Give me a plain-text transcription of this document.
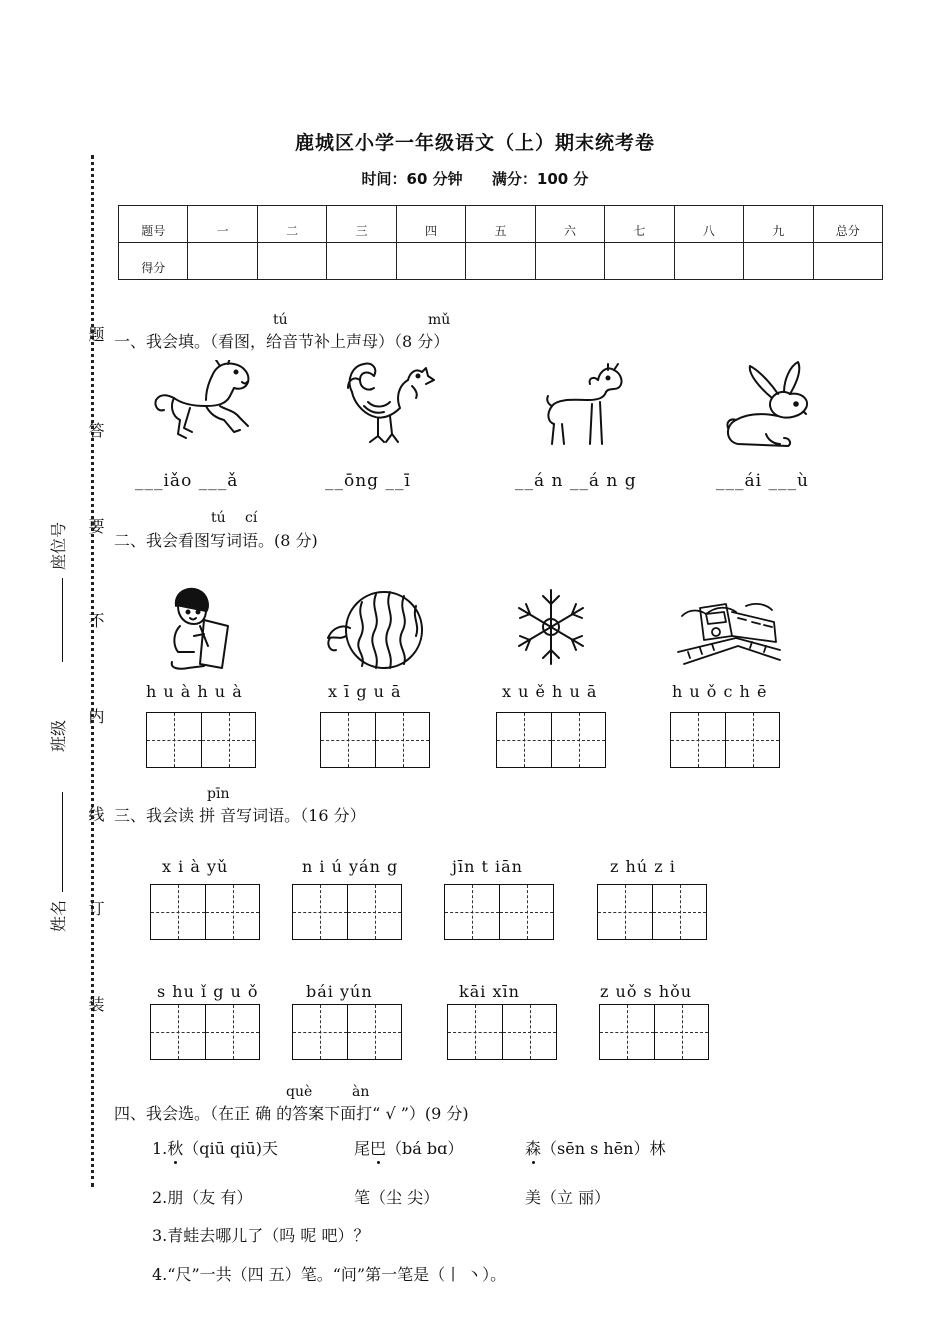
鹿城区小学一年级语文（上）期末统考卷
时间：60 分钟 满分：100 分
题
答
要
不
内
线
订
装
座位号
班级
姓名
题号	一	二	三	四	五	六	七	八	九	总分
得分										
tú	mǔ
一、我会填。（看图，给音节补上声母）（8 分）
___iǎo ___ǎ	__ōng __ī	__á n __á n g	___ái ___ù
tú cí
二、我会看图写词语。(8 分)
h u à h u à	x ī g u ā	x u ě h u ā	h u ǒ c h ē
pīn
三、我会读 拼 音写词语。（16 分）
x i à yǔ	n i ú yán g	jīn t iān	z hú z i
s hu ǐ g u ǒ	bái yún	kāi xīn	z uǒ s hǒu
què	àn
四、我会选。（在正 确 的答案下面打“ √ ”）(9 分)
1.秋（qiū qiū)天	尾巴（bá bɑ）	森（sēn s hēn）林
2.朋（友 有）	笔（尘 尖）	美（立 丽）
3.青蛙去哪儿了（吗 呢 吧）？
4.“尺”一共（四 五）笔。“问”第一笔是（丨 丶）。
